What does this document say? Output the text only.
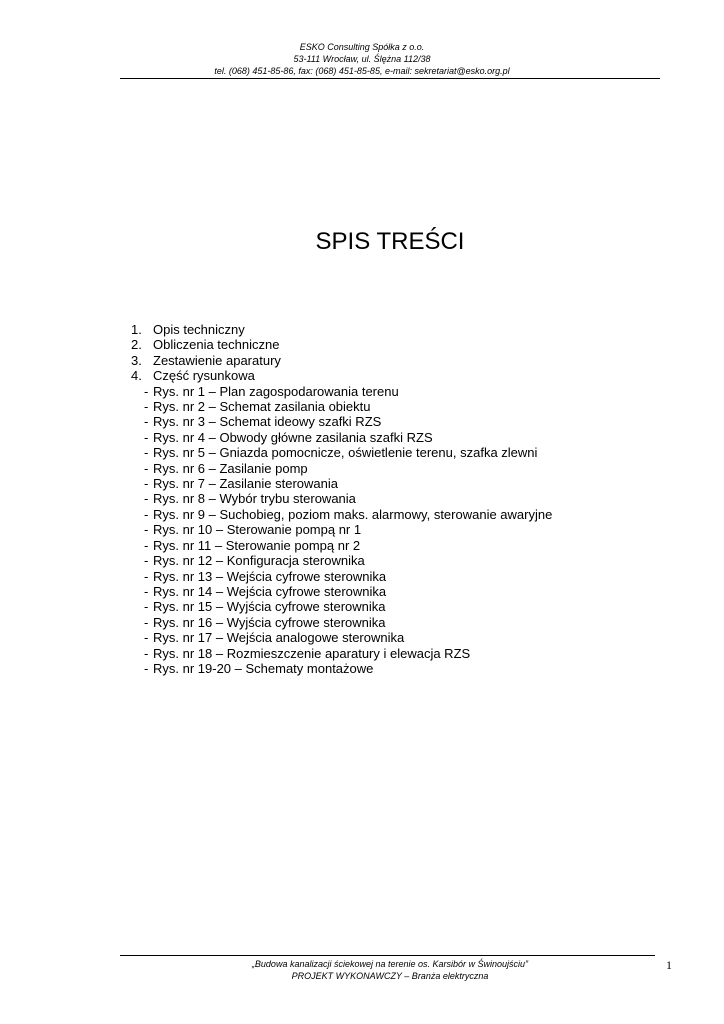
ESKO Consulting Spółka z o.o.
53-111 Wrocław, ul. Ślężna 112/38
tel. (068) 451-85-86, fax: (068) 451-85-85, e-mail: sekretariat@esko.org.pl
SPIS TREŚCI
1. Opis techniczny
2. Obliczenia techniczne
3. Zestawienie aparatury
4. Część rysunkowa
- Rys. nr 1 – Plan zagospodarowania terenu
- Rys. nr 2 – Schemat zasilania obiektu
- Rys. nr 3 – Schemat ideowy szafki RZS
- Rys. nr 4 – Obwody główne zasilania szafki RZS
- Rys. nr 5 – Gniazda pomocnicze, oświetlenie terenu, szafka zlewni
- Rys. nr 6 – Zasilanie pomp
- Rys. nr 7 – Zasilanie sterowania
- Rys. nr 8 – Wybór trybu sterowania
- Rys. nr 9 – Suchobieg, poziom maks. alarmowy, sterowanie awaryjne
- Rys. nr 10 – Sterowanie pompą nr 1
- Rys. nr 11 – Sterowanie pompą nr 2
- Rys. nr 12 – Konfiguracja sterownika
- Rys. nr 13 – Wejścia cyfrowe sterownika
- Rys. nr 14 – Wejścia cyfrowe sterownika
- Rys. nr 15 – Wyjścia cyfrowe sterownika
- Rys. nr 16 – Wyjścia cyfrowe sterownika
- Rys. nr 17 – Wejścia analogowe sterownika
- Rys. nr 18 – Rozmieszczenie aparatury i elewacja RZS
- Rys. nr 19-20 – Schematy montażowe
„Budowa kanalizacji ściekowej na terenie os. Karsibór w Świnoujściu”
PROJEKT WYKONAWCZY – Branża elektryczna
1
